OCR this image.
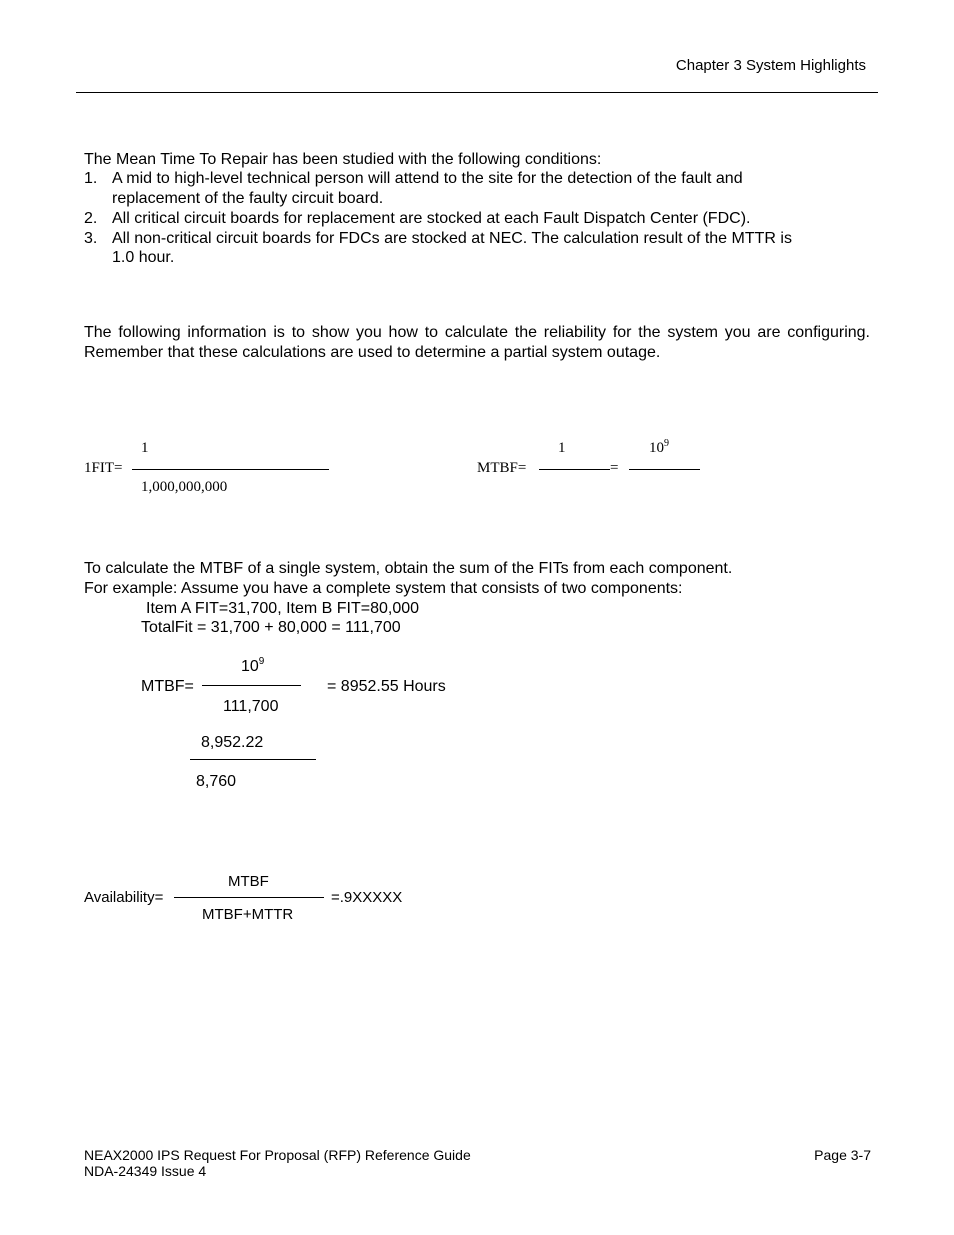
Chapter 3 System Highlights
The Mean Time To Repair has been studied with the following conditions:
1. A mid to high-level technical person will attend to the site for the detection of the fault and
replacement of the faulty circuit board.
2. All critical circuit boards for replacement are stocked at each Fault Dispatch Center (FDC).
3. All non-critical circuit boards for FDCs are stocked at NEC. The calculation result of the MTTR is
1.0 hour.
The following information is to show you how to calculate the reliability for the system you are configuring. Remember that these calculations are used to determine a partial system outage.
1FIT=
1
1,000,000,000
MTBF=
1
=
$10^9$
To calculate the MTBF of a single system, obtain the sum of the FITs from each component.
For example: Assume you have a complete system that consists of two components:
Item A FIT=31,700, Item B FIT=80,000
TotalFit = 31,700 + 80,000 = 111,700
$10^9$
MTBF=	= 8952.55 Hours
111,700
8,952.22
8,760
MTBF
Availability=	=.9XXXXX
MTBF+MTTR
NEAX2000 IPS Request For Proposal (RFP) Reference Guide
NDA-24349 Issue 4
Page 3-7
